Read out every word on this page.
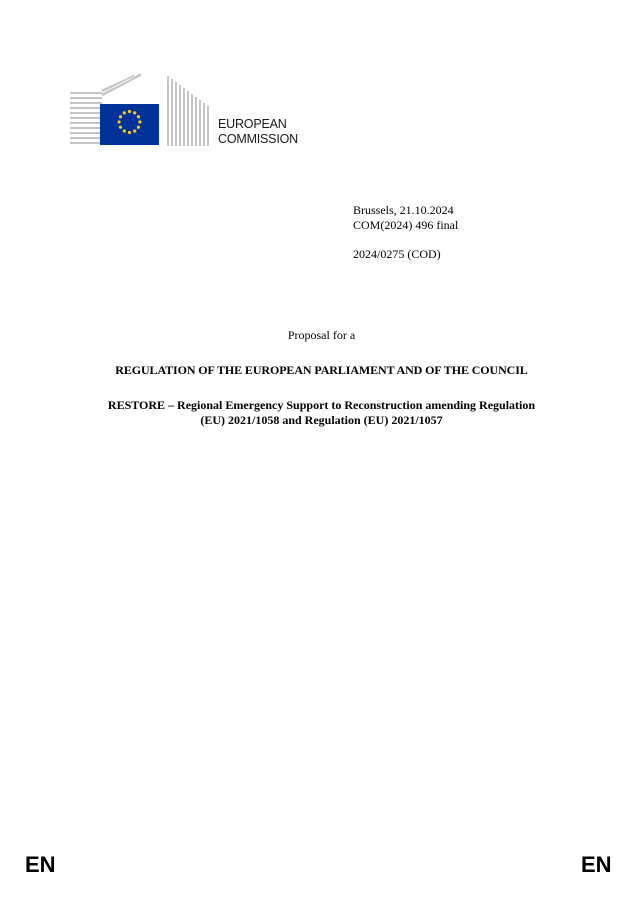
EUROPEAN
COMMISSION
Brussels, 21.10.2024
COM(2024) 496 final
2024/0275 (COD)
Proposal for a
REGULATION OF THE EUROPEAN PARLIAMENT AND OF THE COUNCIL
RESTORE – Regional Emergency Support to Reconstruction amending Regulation
(EU) 2021/1058 and Regulation (EU) 2021/1057
EN	EN
